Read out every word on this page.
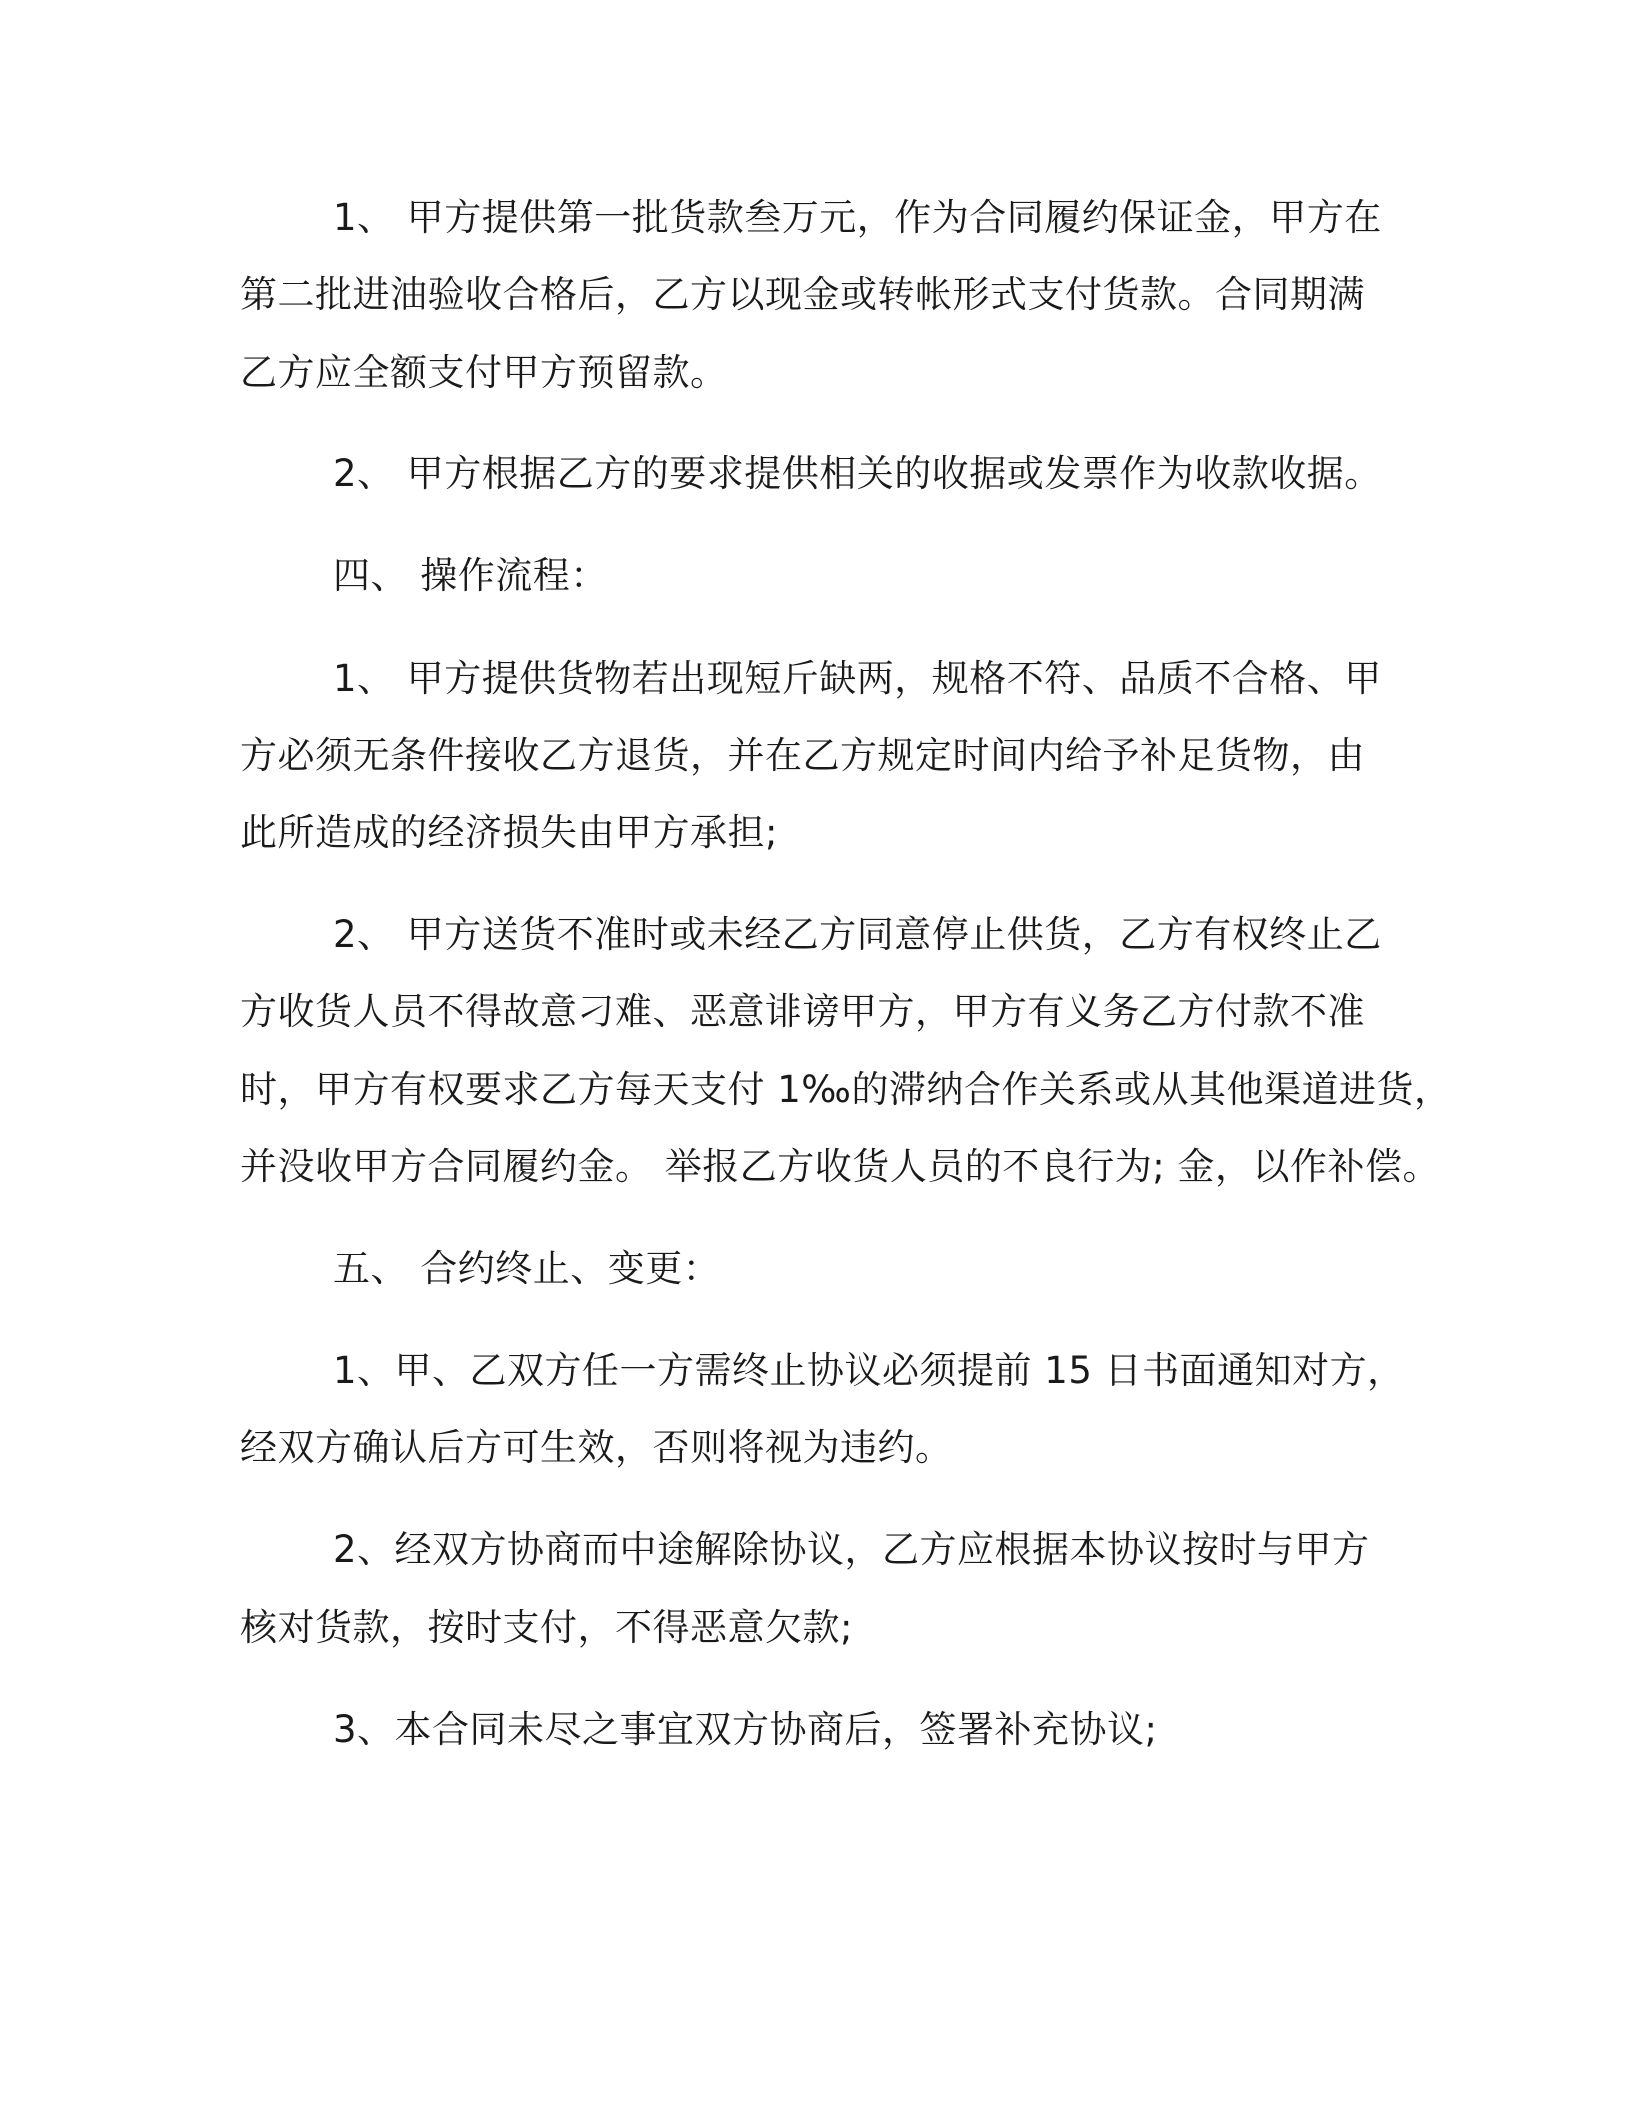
1、 甲方提供第一批货款叁万元，作为合同履约保证金，甲方在
第二批进油验收合格后，乙方以现金或转帐形式支付货款。合同期满
乙方应全额支付甲方预留款。
2、 甲方根据乙方的要求提供相关的收据或发票作为收款收据。
四、 操作流程：
1、 甲方提供货物若出现短斤缺两，规格不符、品质不合格、甲
方必须无条件接收乙方退货，并在乙方规定时间内给予补足货物，由
此所造成的经济损失由甲方承担;
2、 甲方送货不准时或未经乙方同意停止供货，乙方有权终止乙
方收货人员不得故意刁难、恶意诽谤甲方，甲方有义务乙方付款不准
时，甲方有权要求乙方每天支付 1‰的滞纳合作关系或从其他渠道进货，
并没收甲方合同履约金。 举报乙方收货人员的不良行为; 金，以作补偿。
五、 合约终止、变更：
1、甲、乙双方任一方需终止协议必须提前 15 日书面通知对方，
经双方确认后方可生效，否则将视为违约。
2、经双方协商而中途解除协议，乙方应根据本协议按时与甲方
核对货款，按时支付，不得恶意欠款;
3、本合同未尽之事宜双方协商后，签署补充协议;
